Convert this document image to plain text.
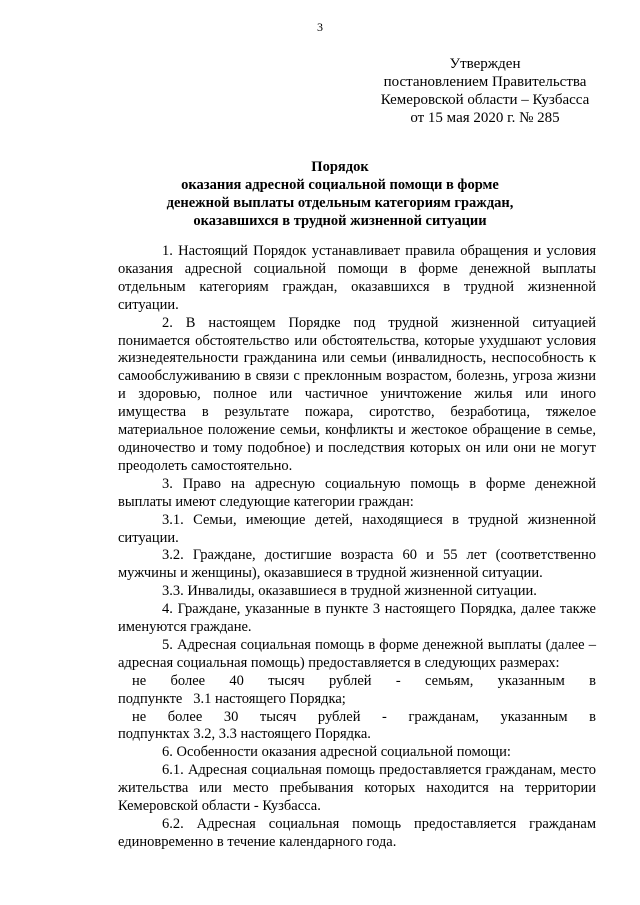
3
Утвержден
постановлением Правительства
Кемеровской области – Кузбасса
от 15 мая 2020 г. № 285
Порядок
оказания адресной социальной помощи в форме
денежной выплаты отдельным категориям граждан,
оказавшихся в трудной жизненной ситуации

1. Настоящий Порядок устанавливает правила обращения и условия оказания адресной социальной помощи в форме денежной выплаты отдельным категориям граждан, оказавшихся в трудной жизненной ситуации.

2. В настоящем Порядке под трудной жизненной ситуацией понимается обстоятельство или обстоятельства, которые ухудшают условия жизнедеятельности гражданина или семьи (инвалидность, неспособность к самообслуживанию в связи с преклонным возрастом, болезнь, угроза жизни и здоровью, полное или частичное уничтожение жилья или иного имущества в результате пожара, сиротство, безработица, тяжелое материальное положение семьи, конфликты и жестокое обращение в семье, одиночество и тому подобное) и последствия которых он или они не могут преодолеть самостоятельно.

3. Право на адресную социальную помощь в форме денежной выплаты имеют следующие категории граждан:

3.1. Семьи, имеющие детей, находящиеся в трудной жизненной ситуации.

3.2. Граждане, достигшие возраста 60 и 55 лет (соответственно мужчины и женщины), оказавшиеся в трудной жизненной ситуации.

3.3. Инвалиды, оказавшиеся в трудной жизненной ситуации.

4. Граждане, указанные в пункте 3 настоящего Порядка, далее также именуются граждане.

5. Адресная социальная помощь в форме денежной выплаты (далее – адресная социальная помощь) предоставляется в следующих размерах:

не более 40 тысяч рублей - семьям, указанным в

подпункте   3.1 настоящего Порядка;

не более 30 тысяч рублей - гражданам, указанным в

подпунктах 3.2, 3.3 настоящего Порядка.

6. Особенности оказания адресной социальной помощи:

6.1. Адресная социальная помощь предоставляется гражданам, место жительства или место пребывания которых находится на территории Кемеровской области - Кузбасса.

6.2. Адресная социальная помощь предоставляется гражданам единовременно в течение календарного года.
